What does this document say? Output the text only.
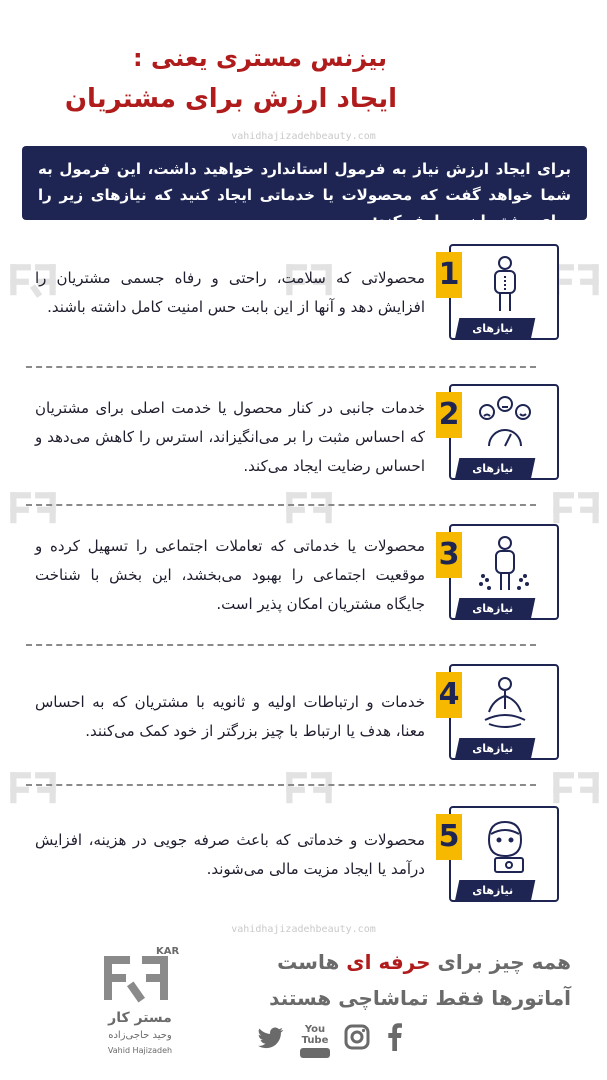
بیزنس مستری یعنی :
ایجاد ارزش برای مشتریان
vahidhajizadehbeauty.com
برای ایجاد ارزش نیاز به فرمول استاندارد خواهید داشت، این فرمول به شما خواهد گفت که محصولات یا خدماتی ایجاد کنید که نیازهای زیر را برای مشتریان برطرف کند:
نیازهای فیزیکی
1
محصولاتی که سلامت، راحتی و رفاه جسمی مشتریان را افزایش دهد و آنها از این بابت حس امنیت کامل داشته باشند.
نیازهای عاطفی
2
خدمات جانبی در کنار محصول یا خدمت اصلی برای مشتریان که احساس مثبت را بر می‌انگیزاند، استرس را کاهش می‌دهد و احساس رضایت ایجاد می‌کند.
نیازهای اجتماعی
3
محصولات یا خدماتی که تعاملات اجتماعی را تسهیل کرده و موقعیت اجتماعی را بهبود می‌بخشد، این بخش با شناخت جایگاه مشتریان امکان پذیر است.
نیازهای معنوی
4
خدمات و ارتباطات اولیه و ثانویه با مشتریان که به احساس معنا، هدف یا ارتباط با چیز بزرگتر از خود کمک می‌کنند.
نیازهای اقتصادی
5
محصولات و خدماتی که باعث صرفه جویی در هزینه، افزایش درآمد یا ایجاد مزیت مالی می‌شوند.
vahidhajizadehbeauty.com
KAR
مستر کار
وحید حاجی‌زاده
Vahid Hajizadeh
همه چیز برای حرفه ای هاست
آماتورها فقط تماشاچی هستند
You Tube
